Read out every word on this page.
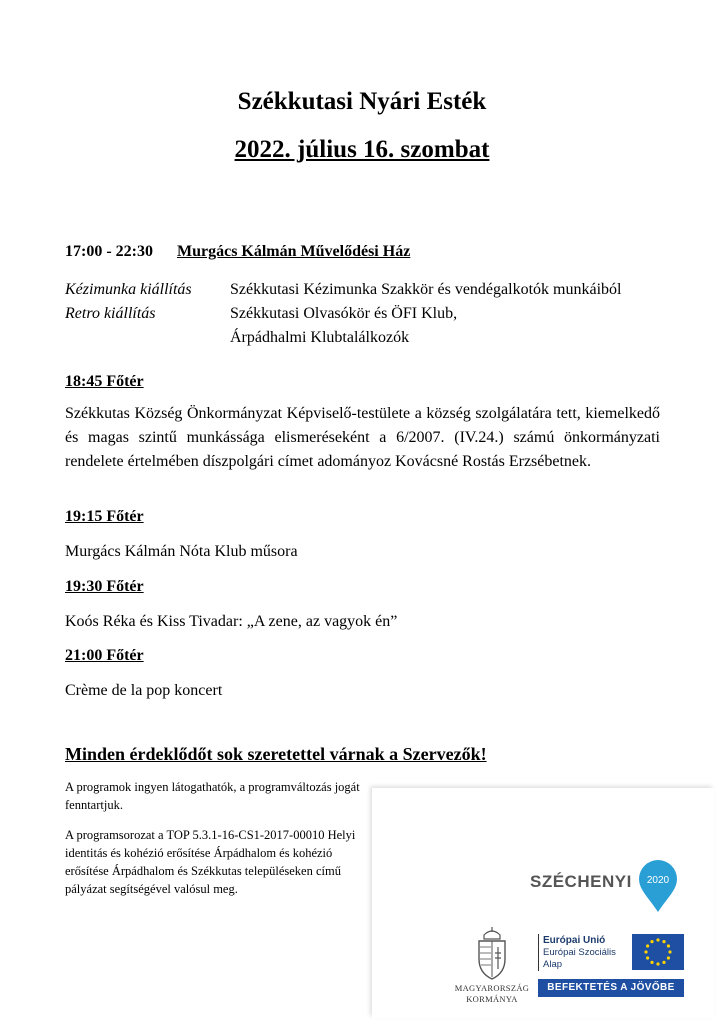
Székkutasi Nyári Esték
2022. július 16. szombat
17:00 - 22:30 Murgács Kálmán Művelődési Ház
Kézimunka kiállítás Székkutasi Kézimunka Szakkör és vendégalkotók munkáiból
Retro kiállítás	Székkutasi Olvasókör és ÖFI Klub,
Árpádhalmi Klubtalálkozók
18:45 Főtér
Székkutas Község Önkormányzat Képviselő-testülete a község szolgálatára tett, kiemelkedő és magas szintű munkássága elismeréseként a 6/2007. (IV.24.) számú önkormányzati rendelete értelmében díszpolgári címet adományoz Kovácsné Rostás Erzsébetnek.
19:15 Főtér
Murgács Kálmán Nóta Klub műsora
19:30 Főtér
Koós Réka és Kiss Tivadar: „A zene, az vagyok én”
21:00 Főtér
Crème de la pop koncert
Minden érdeklődőt sok szeretettel várnak a Szervezők!
A programok ingyen látogathatók, a programváltozás jogát fenntartjuk.
A programsorozat a TOP 5.3.1-16-CS1-2017-00010 Helyi identitás és kohézió erősítése Árpádhalom és kohézió erősítése Árpádhalom és Székkutas településeken című pályázat segítségével valósul meg.	SZÉCHENYI 2020
MAGYARORSZÁG
KORMÁNYA
Európai Unió
Európai Szociális
Alap
BEFEKTETÉS A JÖVŐBE
